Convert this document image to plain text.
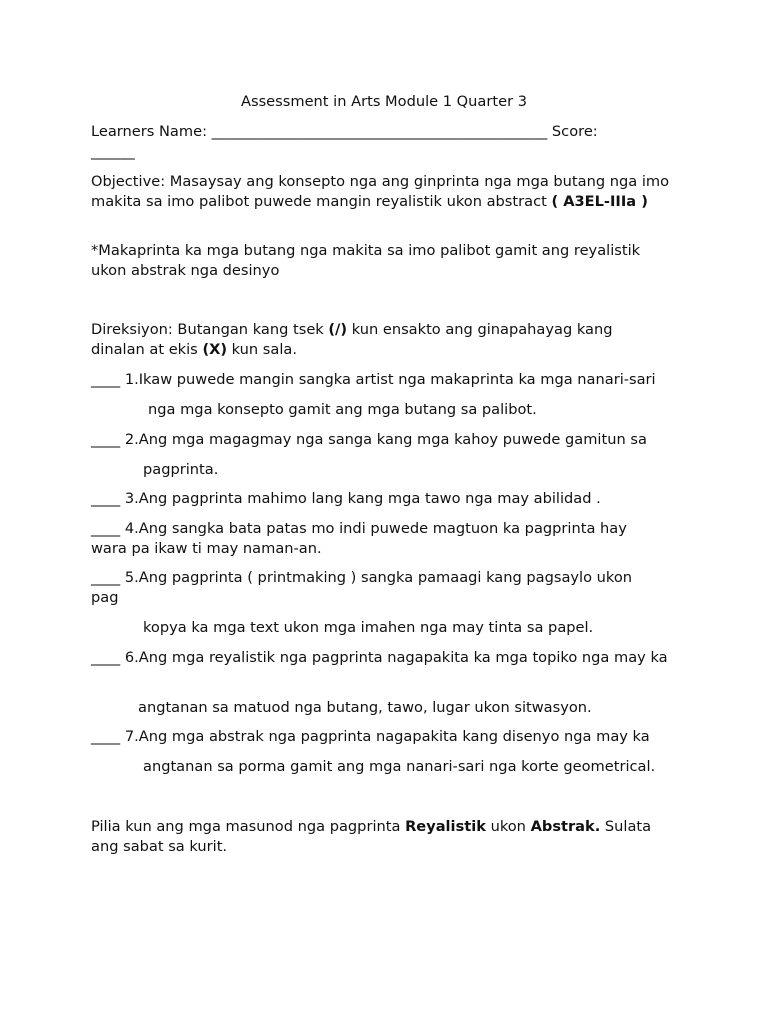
Assessment in Arts Module 1 Quarter 3
Learners Name: ______________________________________________ Score:
______
Objective: Masaysay ang konsepto nga ang ginprinta nga mga butang nga imo makita sa imo palibot puwede mangin reyalistik ukon abstract ( A3EL-IIIa )
*Makaprinta ka mga butang nga makita sa imo palibot gamit ang reyalistik ukon abstrak nga desinyo
Direksiyon: Butangan kang tsek (/) kun ensakto ang ginapahayag kang dinalan at ekis (X) kun sala.
____ 1.Ikaw puwede mangin sangka artist nga makaprinta ka mga nanari-sari
nga mga konsepto gamit ang mga butang sa palibot.
____ 2.Ang mga magagmay nga sanga kang mga kahoy puwede gamitun sa
pagprinta.
____ 3.Ang pagprinta mahimo lang kang mga tawo nga may abilidad .
____ 4.Ang sangka bata patas mo indi puwede magtuon ka pagprinta hay wara pa ikaw ti may naman-an.
____ 5.Ang pagprinta ( printmaking ) sangka pamaagi kang pagsaylo ukon pag
kopya ka mga text ukon mga imahen nga may tinta sa papel.
____ 6.Ang mga reyalistik nga pagprinta nagapakita ka mga topiko nga may ka
angtanan sa matuod nga butang, tawo, lugar ukon sitwasyon.
____ 7.Ang mga abstrak nga pagprinta nagapakita kang disenyo nga may ka
angtanan sa porma gamit ang mga nanari-sari nga korte geometrical.
Pilia kun ang mga masunod nga pagprinta Reyalistik ukon Abstrak. Sulata ang sabat sa kurit.
